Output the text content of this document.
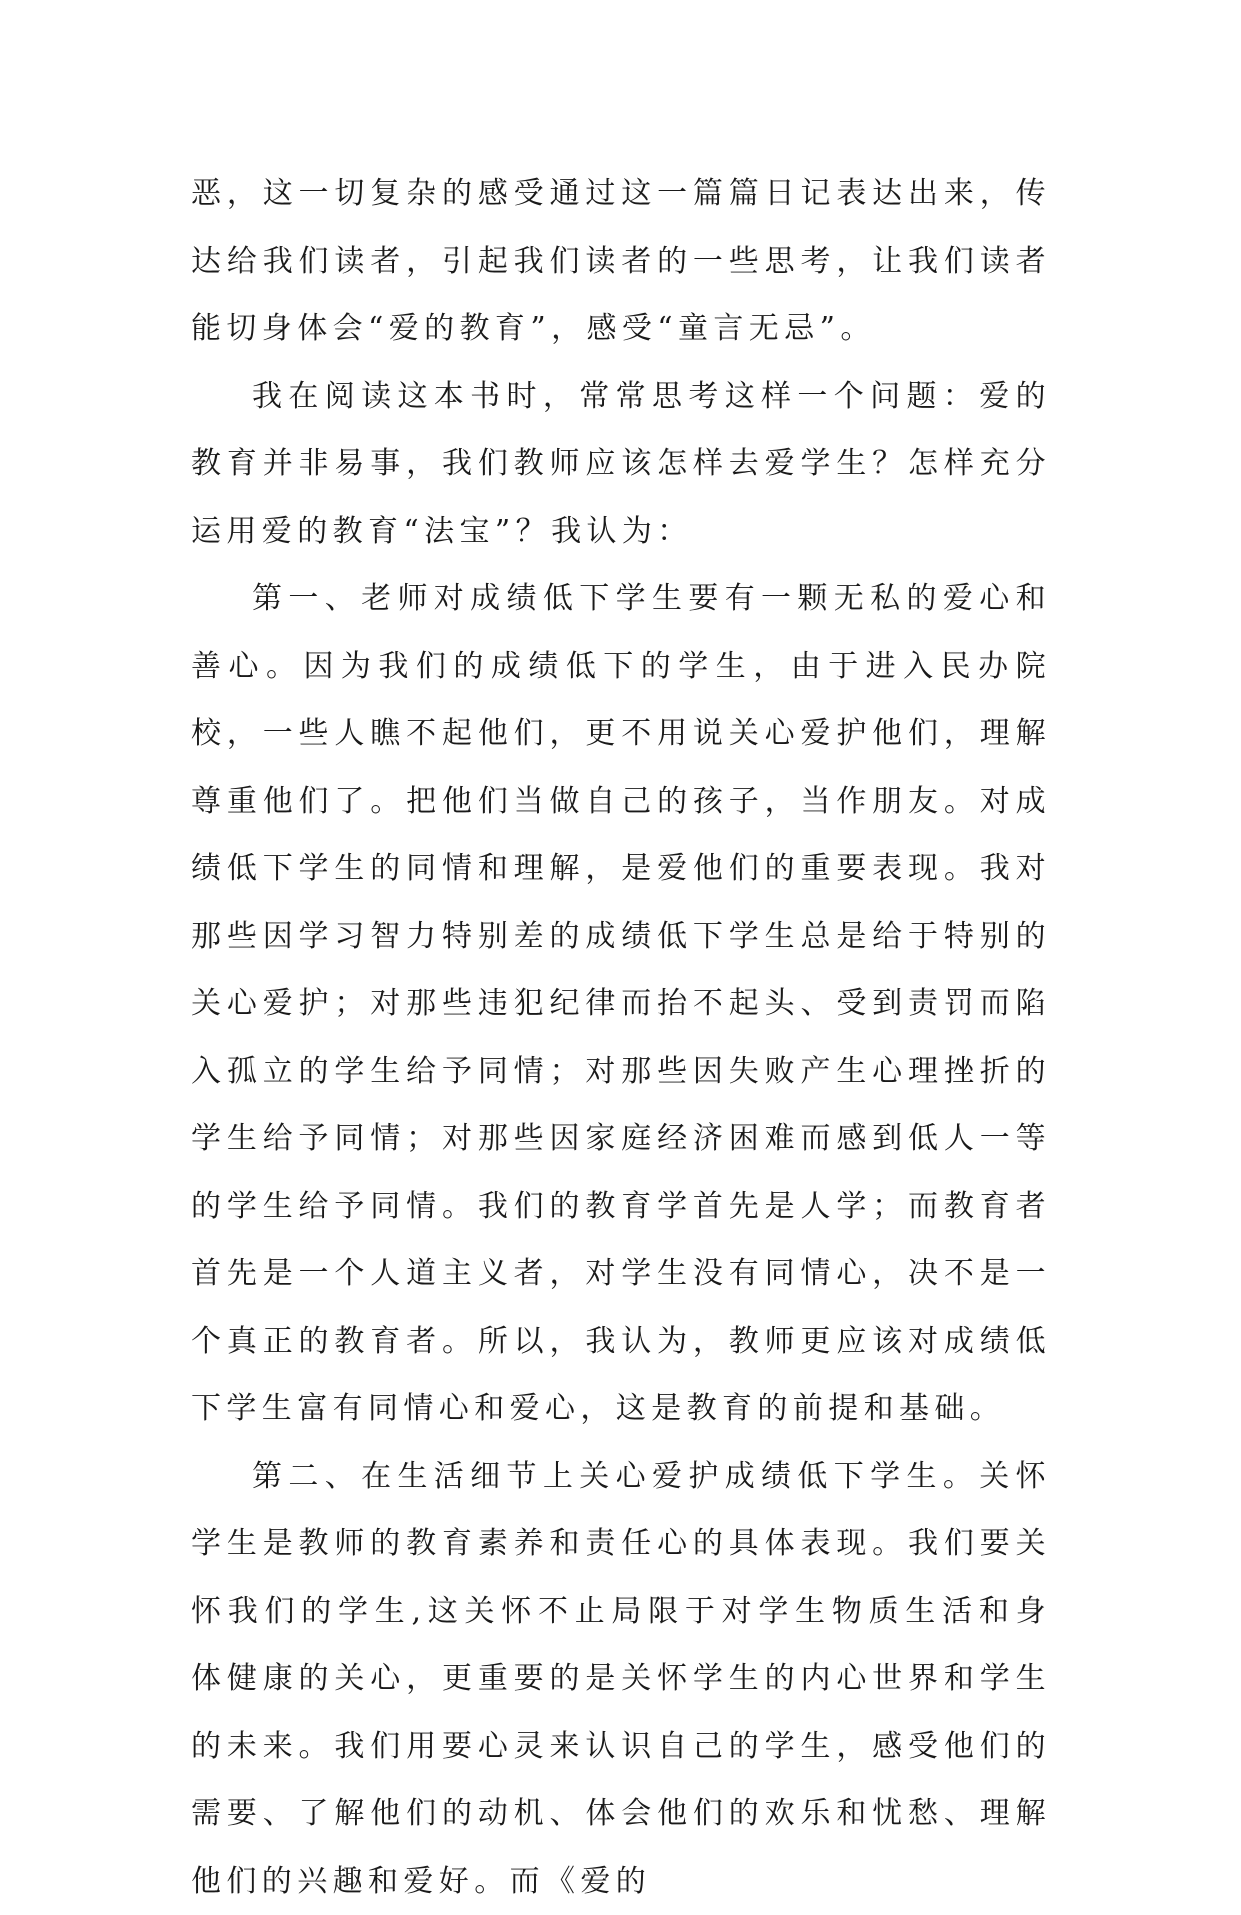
恶，这一切复杂的感受通过这一篇篇日记表达出来，传达给我们读者，引起我们读者的一些思考，让我们读者能切身体会“爱的教育”，感受“童言无忌”。

我在阅读这本书时，常常思考这样一个问题：爱的教育并非易事，我们教师应该怎样去爱学生？怎样充分运用爱的教育“法宝”？我认为：

第一、老师对成绩低下学生要有一颗无私的爱心和善心。因为我们的成绩低下的学生，由于进入民办院校，一些人瞧不起他们，更不用说关心爱护他们，理解尊重他们了。把他们当做自己的孩子，当作朋友。对成绩低下学生的同情和理解，是爱他们的重要表现。我对那些因学习智力特别差的成绩低下学生总是给于特别的关心爱护；对那些违犯纪律而抬不起头、受到责罚而陷入孤立的学生给予同情；对那些因失败产生心理挫折的学生给予同情；对那些因家庭经济困难而感到低人一等的学生给予同情。我们的教育学首先是人学；而教育者首先是一个人道主义者，对学生没有同情心，决不是一个真正的教育者。所以，我认为，教师更应该对成绩低下学生富有同情心和爱心，这是教育的前提和基础。

第二、在生活细节上关心爱护成绩低下学生。关怀学生是教师的教育素养和责任心的具体表现。我们要关怀我们的学生,这关怀不止局限于对学生物质生活和身体健康的关心，更重要的是关怀学生的内心世界和学生的未来。我们用要心灵来认识自己的学生，感受他们的需要、了解他们的动机、体会他们的欢乐和忧愁、理解他们的兴趣和爱好。而《爱的
